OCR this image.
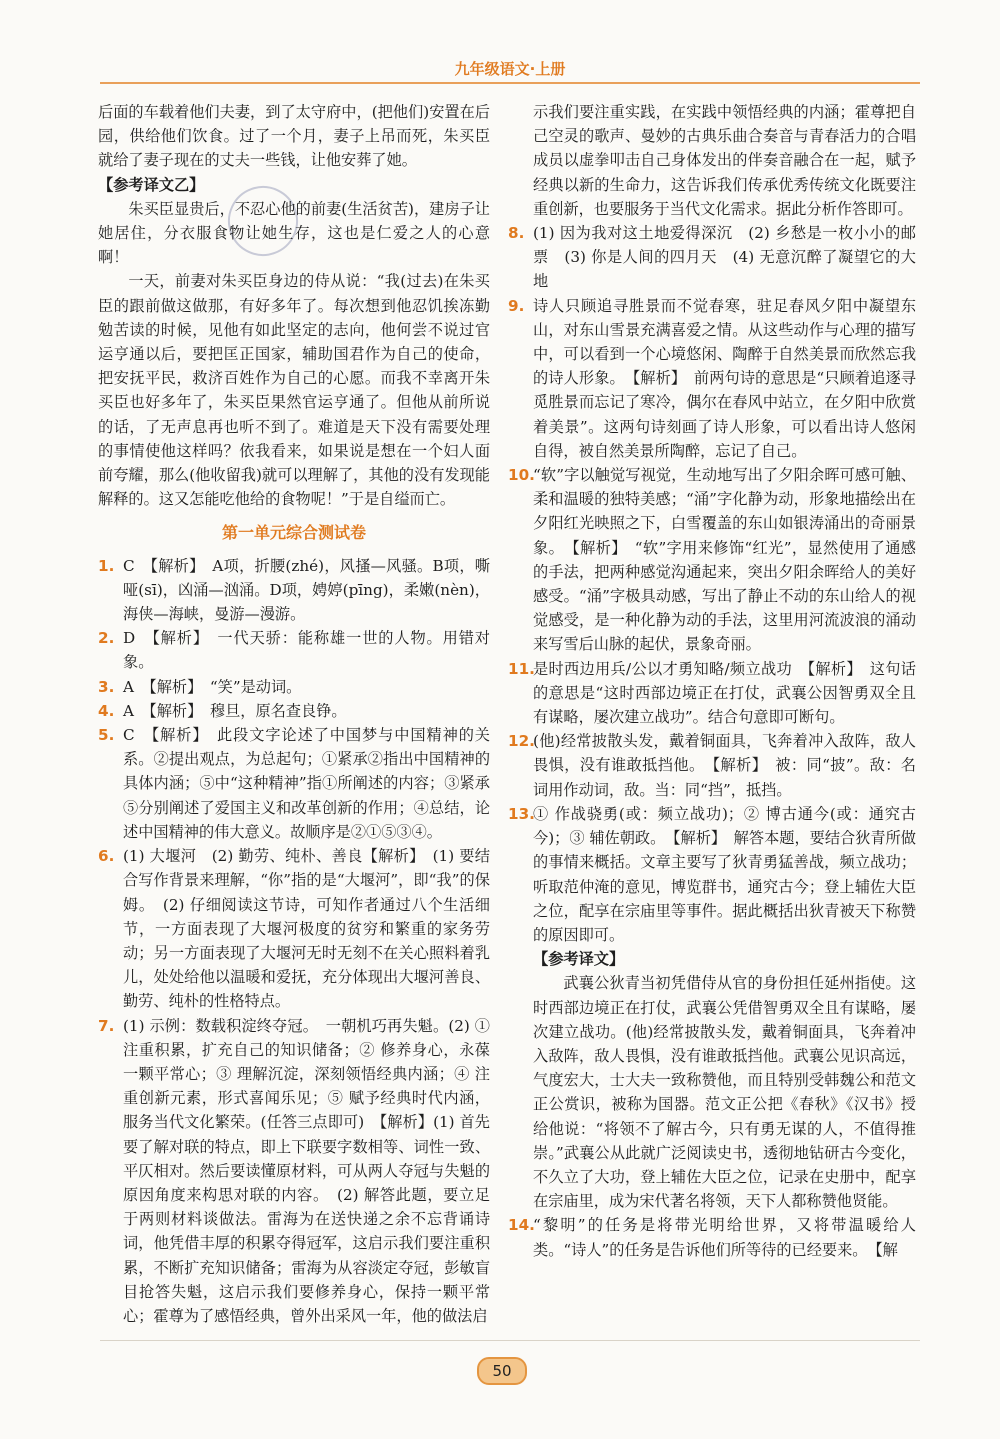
九年级语文·上册

后面的车载着他们夫妻，到了太守府中，(把他们)安置在后园，供给他们饮食。过了一个月，妻子上吊而死，朱买臣就给了妻子现在的丈夫一些钱，让他安葬了她。

【参考译文乙】

朱买臣显贵后，不忍心他的前妻(生活贫苦)，建房子让她居住，分衣服食物让她生存，这也是仁爱之人的心意啊！

一天，前妻对朱买臣身边的侍从说：“我(过去)在朱买臣的跟前做这做那，有好多年了。每次想到他忍饥挨冻勤勉苦读的时候，见他有如此坚定的志向，他何尝不说过官运亨通以后，要把匡正国家，辅助国君作为自己的使命，把安抚平民，救济百姓作为自己的心愿。而我不幸离开朱买臣也好多年了，朱买臣果然官运亨通了。但他从前所说的话，了无声息再也听不到了。难道是天下没有需要处理的事情使他这样吗？依我看来，如果说是想在一个妇人面前夸耀，那么(他收留我)就可以理解了，其他的没有发现能解释的。这又怎能吃他给的食物呢！”于是自缢而亡。

第一单元综合测试卷
1. C　【解析】　A项，折腰(zhé)，风搔—风骚。B项，嘶哑(sī)，凶涌—汹涌。D项，娉婷(pīng)，柔嫩(nèn)，海侠—海峡，曼游—漫游。

2. D　【解析】　一代天骄：能称雄一世的人物。用错对象。

3. A　【解析】　“笑”是动词。

4. A　【解析】　穆旦，原名查良铮。

5. C　【解析】　此段文字论述了中国梦与中国精神的关系。②提出观点，为总起句；①紧承②指出中国精神的具体内涵；⑤中“这种精神”指①所阐述的内容；③紧承⑤分别阐述了爱国主义和改革创新的作用；④总结，论述中国精神的伟大意义。故顺序是②①⑤③④。

6. (1) 大堰河　(2) 勤劳、纯朴、善良【解析】　(1) 要结合写作背景来理解，“你”指的是“大堰河”，即“我”的保姆。　(2) 仔细阅读这节诗，可知作者通过八个生活细节，一方面表现了大堰河极度的贫穷和繁重的家务劳动；另一方面表现了大堰河无时无刻不在关心照料着乳儿，处处给他以温暖和爱抚，充分体现出大堰河善良、勤劳、纯朴的性格特点。

7. (1) 示例：数载积淀终夺冠。　一朝机巧再失魁。(2) ① 注重积累，扩充自己的知识储备；② 修养身心，永葆一颗平常心；③ 理解沉淀，深刻领悟经典内涵；④ 注重创新元素，形式喜闻乐见；⑤ 赋予经典时代内涵，服务当代文化繁荣。(任答三点即可)　【解析】(1) 首先要了解对联的特点，即上下联要字数相等、词性一致、平仄相对。然后要读懂原材料，可从两人夺冠与失魁的原因角度来构思对联的内容。　(2) 解答此题，要立足于两则材料谈做法。雷海为在送快递之余不忘背诵诗词，他凭借丰厚的积累夺得冠军，这启示我们要注重积累，不断扩充知识储备；雷海为从容淡定夺冠，彭敏盲目抢答失魁，这启示我们要修养身心，保持一颗平常心；霍尊为了感悟经典，曾外出采风一年，他的做法启

示我们要注重实践，在实践中领悟经典的内涵；霍尊把自己空灵的歌声、曼妙的古典乐曲合奏音与青春活力的合唱成员以虚拳叩击自己身体发出的伴奏音融合在一起，赋予经典以新的生命力，这告诉我们传承优秀传统文化既要注重创新，也要服务于当代文化需求。据此分析作答即可。

8. (1) 因为我对这土地爱得深沉　(2) 乡愁是一枚小小的邮票　(3) 你是人间的四月天　(4) 无意沉醉了凝望它的大地

9. 诗人只顾追寻胜景而不觉春寒，驻足春风夕阳中凝望东山，对东山雪景充满喜爱之情。从这些动作与心理的描写中，可以看到一个心境悠闲、陶醉于自然美景而欣然忘我的诗人形象。　【解析】　前两句诗的意思是“只顾着追逐寻觅胜景而忘记了寒冷，偶尔在春风中站立，在夕阳中欣赏着美景”。这两句诗刻画了诗人形象，可以看出诗人悠闲自得，被自然美景所陶醉，忘记了自己。

10.

“软”字以触觉写视觉，生动地写出了夕阳余晖可感可触、柔和温暖的独特美感；“涌”字化静为动，形象地描绘出在夕阳红光映照之下，白雪覆盖的东山如银涛涌出的奇丽景象。　【解析】　“软”字用来修饰“红光”，显然使用了通感的手法，把两种感觉沟通起来，突出夕阳余晖给人的美好感受。“涌”字极具动感，写出了静止不动的东山给人的视觉感受，是一种化静为动的手法，这里用河流波浪的涌动来写雪后山脉的起伏，景象奇丽。

11.

是时西边用兵/公以才勇知略/频立战功　【解析】　这句话的意思是“这时西部边境正在打仗，武襄公因智勇双全且有谋略，屡次建立战功”。结合句意即可断句。

12.

(他)经常披散头发，戴着铜面具，飞奔着冲入敌阵，敌人畏惧，没有谁敢抵挡他。　【解析】　被：同“披”。敌：名词用作动词，敌。当：同“挡”，抵挡。

13.

① 作战骁勇(或：频立战功)；② 博古通今(或：通究古今)；③ 辅佐朝政。　【解析】　解答本题，要结合狄青所做的事情来概括。文章主要写了狄青勇猛善战，频立战功；听取范仲淹的意见，博览群书，通究古今；登上辅佐大臣之位，配享在宗庙里等事件。据此概括出狄青被天下称赞的原因即可。

【参考译文】

武襄公狄青当初凭借侍从官的身份担任延州指使。这时西部边境正在打仗，武襄公凭借智勇双全且有谋略，屡次建立战功。(他)经常披散头发，戴着铜面具，飞奔着冲入敌阵，敌人畏惧，没有谁敢抵挡他。武襄公见识高远，气度宏大，士大夫一致称赞他，而且特别受韩魏公和范文正公赏识，被称为国器。范文正公把《春秋》《汉书》授给他说：“将领不了解古今，只有勇无谋的人，不值得推崇。”武襄公从此就广泛阅读史书，透彻地钻研古今变化，不久立了大功，登上辅佐大臣之位，记录在史册中，配享在宗庙里，成为宋代著名将领，天下人都称赞他贤能。

14.

“黎明”的任务是将带光明给世界，又将带温暖给人类。“诗人”的任务是告诉他们所等待的已经要来。　【解

50
